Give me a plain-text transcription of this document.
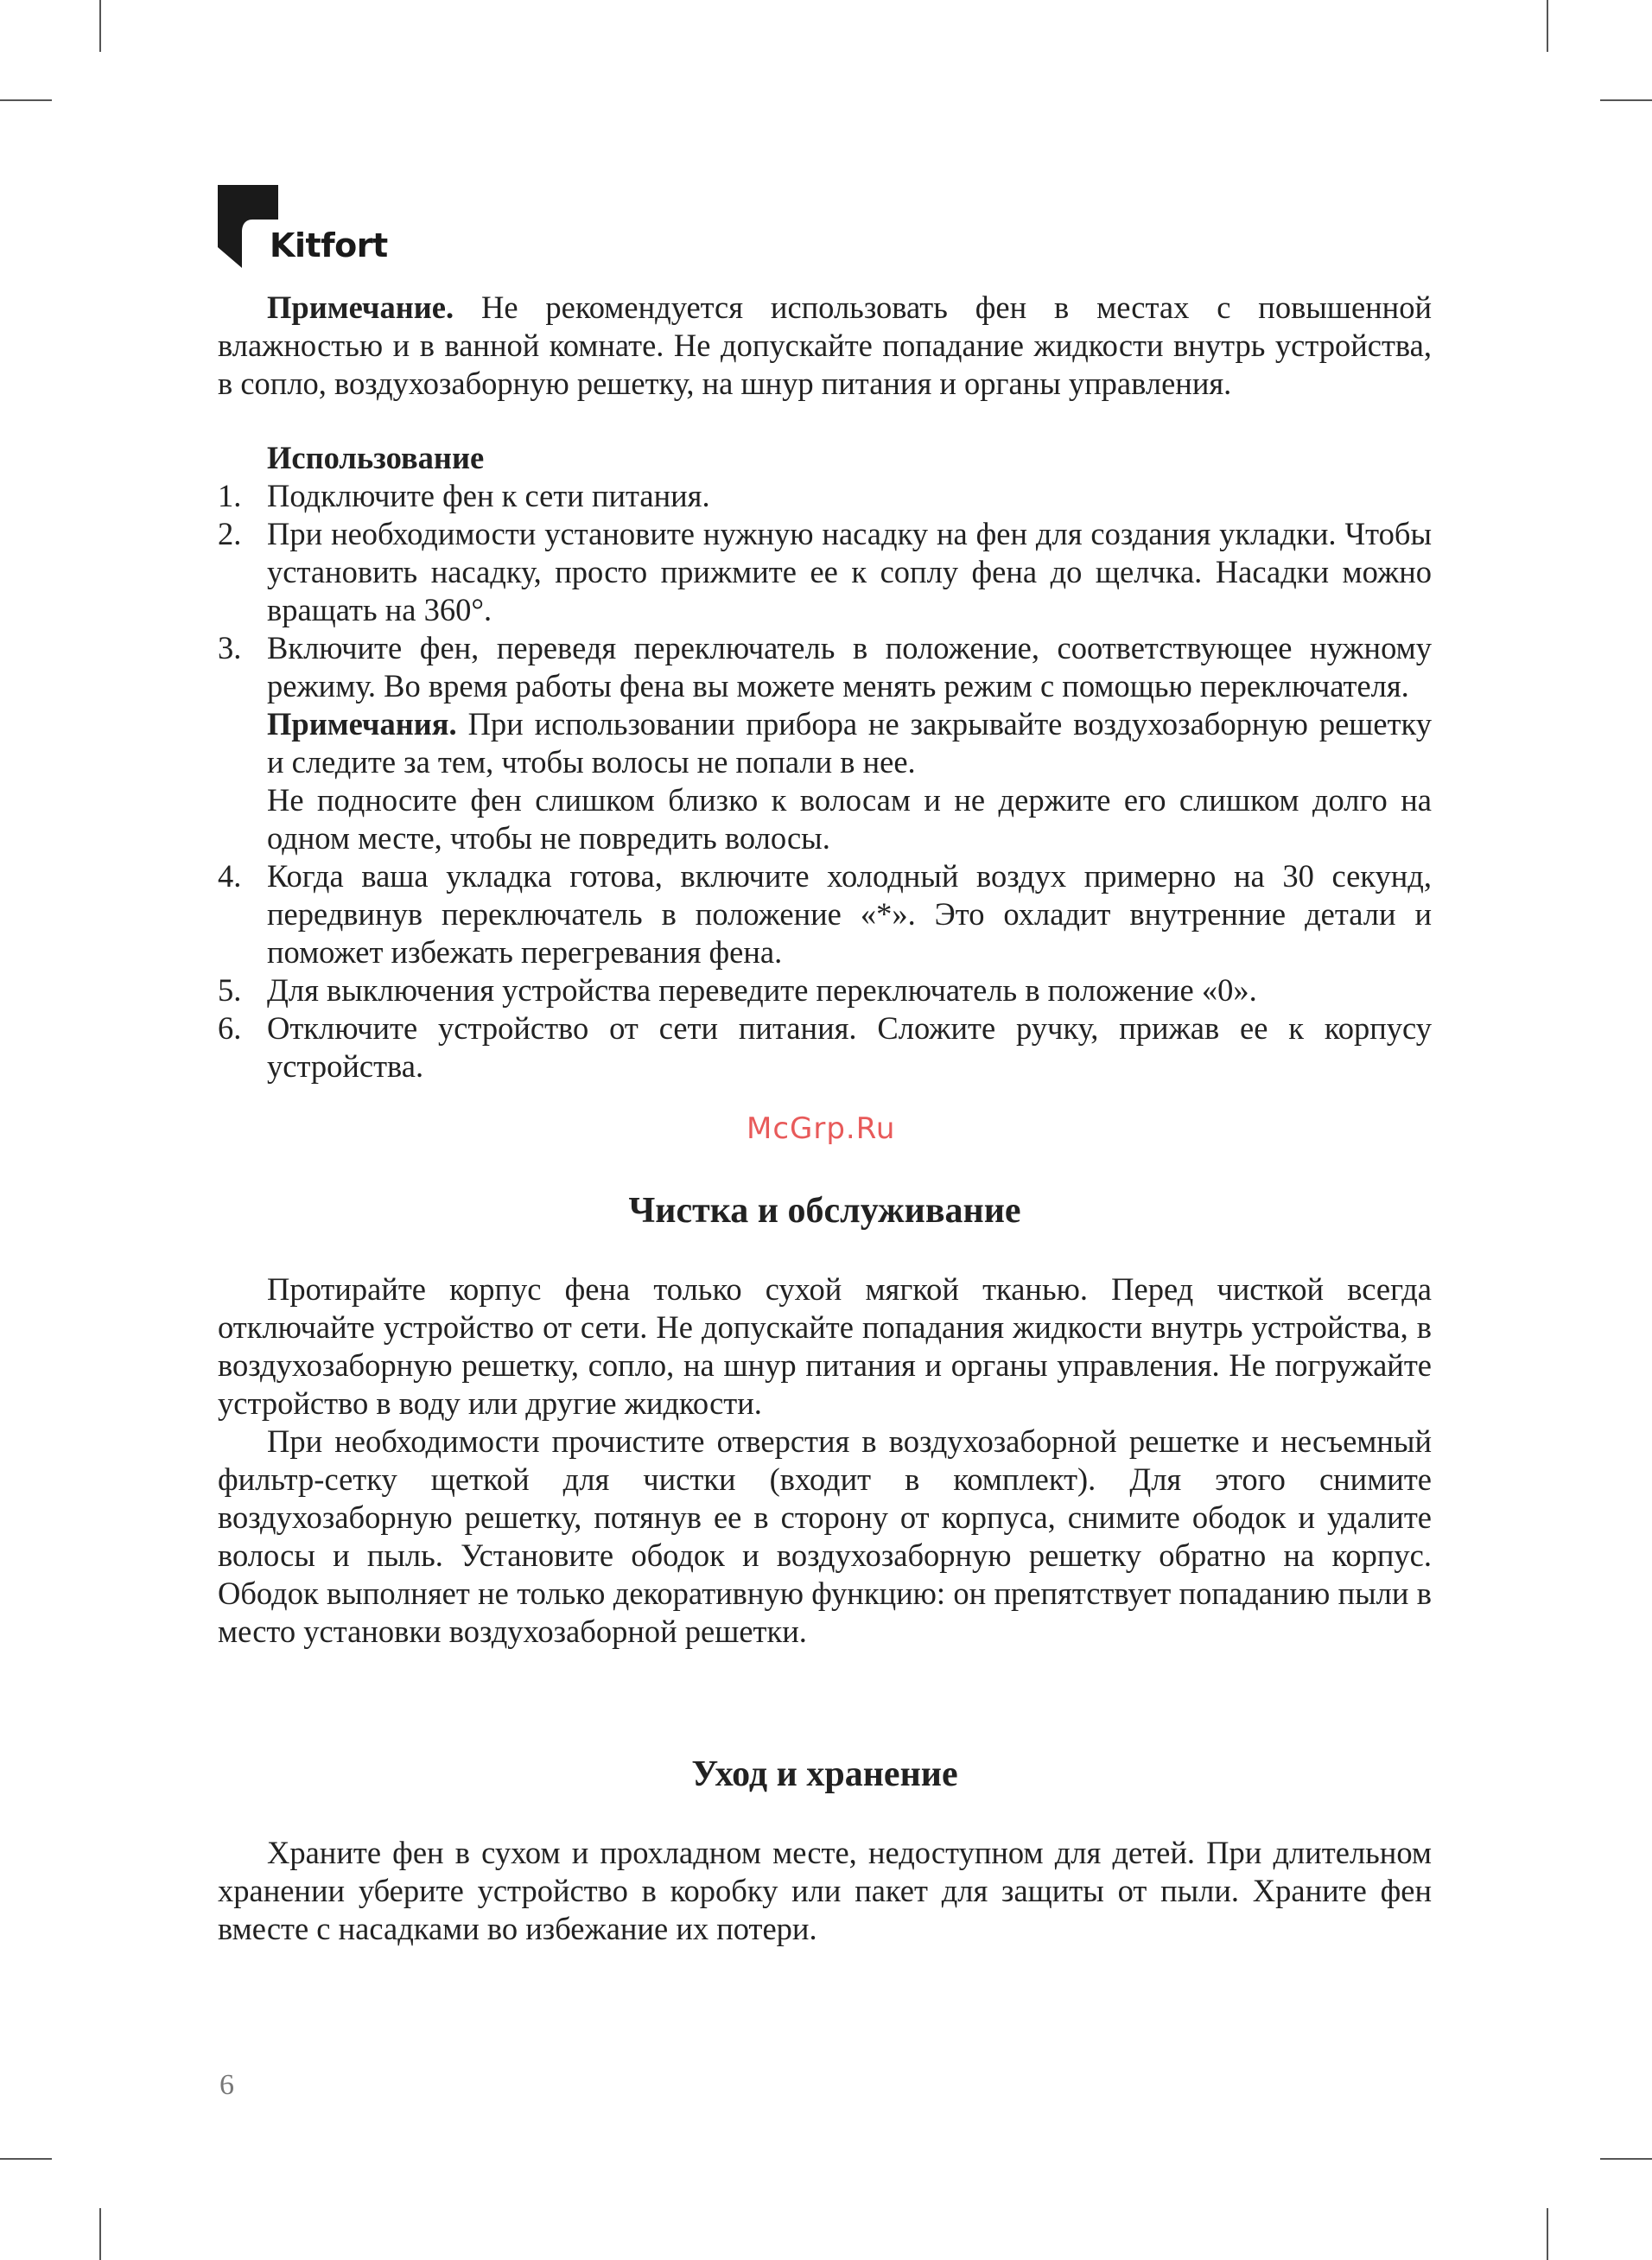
Kitfort

Примечание. Не рекомендуется использовать фен в местах с повышенной влажностью и в ванной комнате. Не допускайте попадание жидкости внутрь устройства, в сопло, воздухозаборную решетку, на шнур питания и органы управления.

Использование
1. Подключите фен к сети питания.
2. При необходимости установите нужную насадку на фен для создания укладки. Чтобы установить насадку, просто прижмите ее к соплу фена до щелчка. Насадки можно вращать на 360°.
3. Включите фен, переведя переключатель в положение, соответствующее нужному режиму. Во время работы фена вы можете менять режим с помощью переключателя.
Примечания. При использовании прибора не закрывайте воздухозаборную решетку и следите за тем, чтобы волосы не попали в нее.
Не подносите фен слишком близко к волосам и не держите его слишком долго на одном месте, чтобы не повредить волосы.
4. Когда ваша укладка готова, включите холодный воздух примерно на 30 секунд, передвинув переключатель в положение «*». Это охладит внутренние детали и поможет избежать перегревания фена.
5. Для выключения устройства переведите переключатель в положение «0».
6. Отключите устройство от сети питания. Сложите ручку, прижав ее к корпусу устройства.
Чистка и обслуживание

Протирайте корпус фена только сухой мягкой тканью. Перед чисткой всегда отключайте устройство от сети. Не допускайте попадания жидкости внутрь устройства, в воздухозаборную решетку, сопло, на шнур питания и органы управления. Не погружайте устройство в воду или другие жидкости.

При необходимости прочистите отверстия в воздухозаборной решетке и несъемный фильтр-сетку щеткой для чистки (входит в комплект). Для этого снимите воздухозаборную решетку, потянув ее в сторону от корпуса, снимите ободок и удалите волосы и пыль. Установите ободок и воздухозаборную решетку обратно на корпус. Ободок выполняет не только декоративную функцию: он препятствует попаданию пыли в место установки воздухозаборной решетки.

Уход и хранение

Храните фен в сухом и прохладном месте, недоступном для детей. При длительном хранении уберите устройство в коробку или пакет для защиты от пыли. Храните фен вместе с насадками во избежание их потери.

McGrp.Ru
6
